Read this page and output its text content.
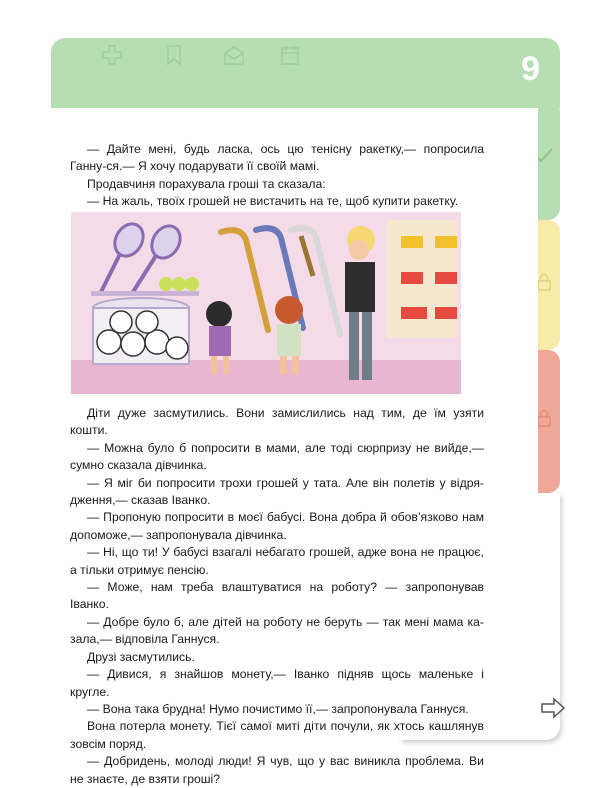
9

— Дайте мені, будь ласка, ось цю тенісну ракетку,— попросила Ганну-ся.— Я хочу подарувати її своїй мамі.

Продавчиня порахувала гроші та сказала:

— На жаль, твоїх грошей не вистачить на те, щоб купити ракетку.

Діти дуже засмутились. Вони замислились над тим, де їм узяти кошти.

— Можна було б попросити в мами, але тоді сюрпризу не вийде,— сумно сказала дівчинка.

— Я міг би попросити трохи грошей у тата. Але він полетів у відря-дження,— сказав Іванко.

— Пропоную попросити в моєї бабусі. Вона добра й обов’язково нам допоможе,— запропонувала дівчинка.

— Ні, що ти! У бабусі взагалі небагато грошей, адже вона не працює, а тільки отримує пенсію.

— Може, нам треба влаштуватися на роботу? — запропонував Іванко.

— Добре було б, але дітей на роботу не беруть — так мені мама ка-зала,— відповіла Ганнуся.

Друзі засмутились.

— Дивися, я знайшов монету,— Іванко підняв щось маленьке і кругле.

— Вона така брудна! Нумо почистимо її,— запропонувала Ганнуся.

Вона потерла монету. Тієї самої миті діти почули, як хтось кашлянув зовсім поряд.

— Добридень, молоді люди! Я чув, що у вас виникла проблема. Ви не знаєте, де взяти гроші?
